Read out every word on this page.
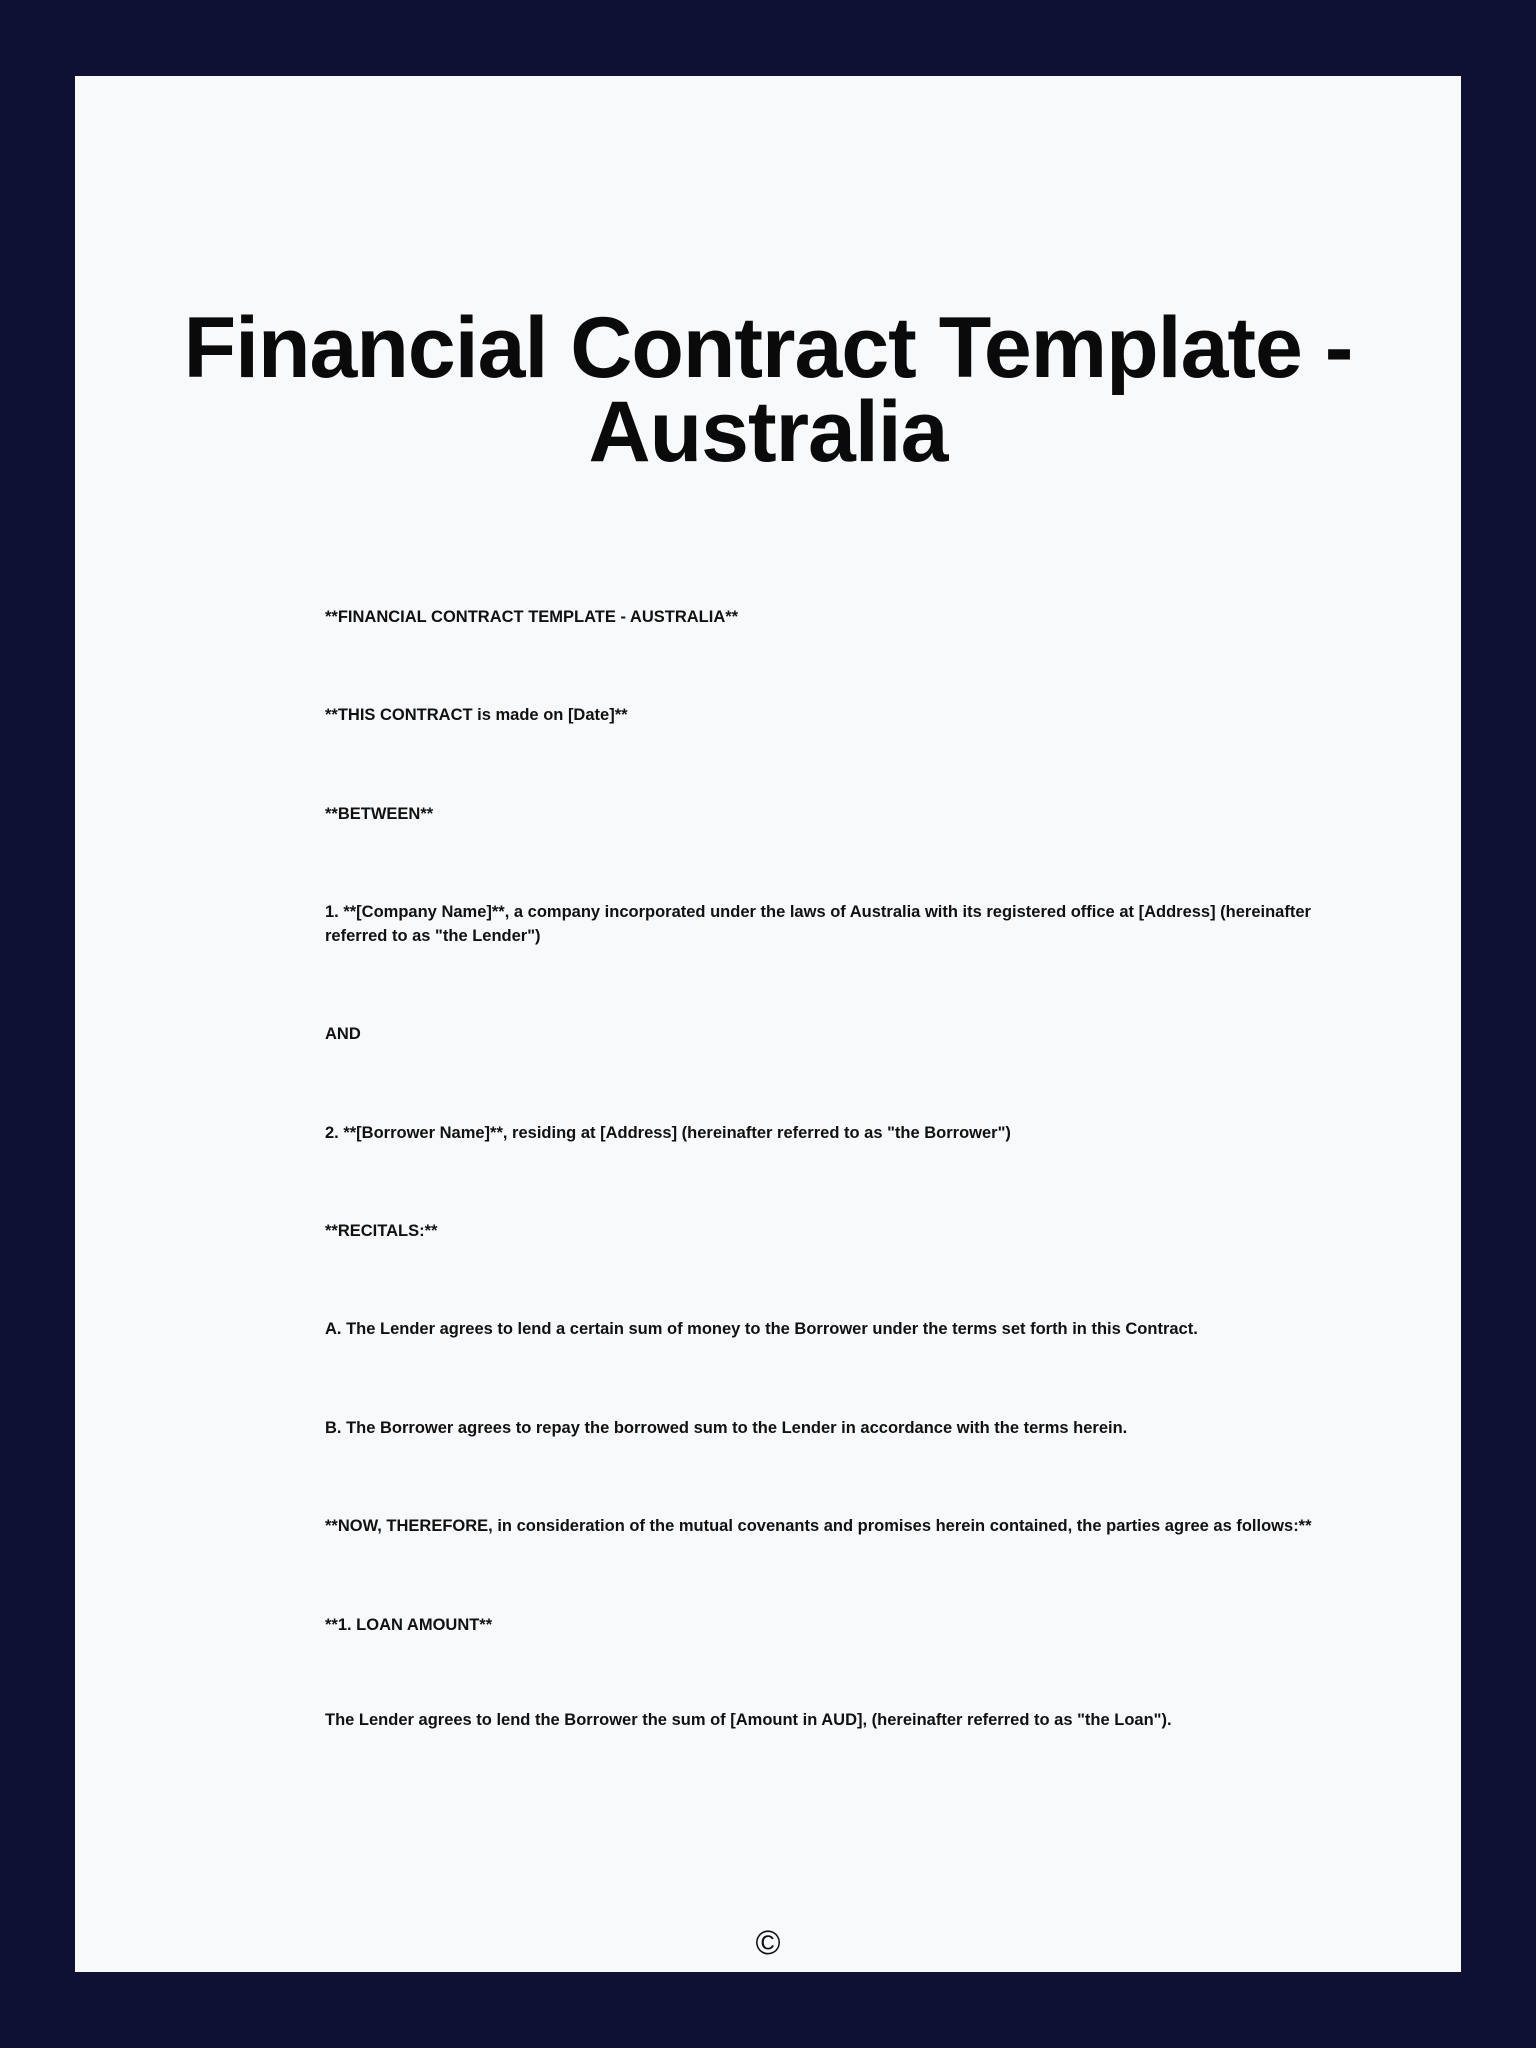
Financial Contract Template - Australia

**FINANCIAL CONTRACT TEMPLATE - AUSTRALIA**

**THIS CONTRACT is made on [Date]**

**BETWEEN**

1. **[Company Name]**, a company incorporated under the laws of Australia with its registered office at [Address] (hereinafter referred to as "the Lender")

AND

2. **[Borrower Name]**, residing at [Address] (hereinafter referred to as "the Borrower")

**RECITALS:**

A. The Lender agrees to lend a certain sum of money to the Borrower under the terms set forth in this Contract.

B. The Borrower agrees to repay the borrowed sum to the Lender in accordance with the terms herein.

**NOW, THEREFORE, in consideration of the mutual covenants and promises herein contained, the parties agree as follows:**

**1. LOAN AMOUNT**

The Lender agrees to lend the Borrower the sum of [Amount in AUD], (hereinafter referred to as "the Loan").

©
